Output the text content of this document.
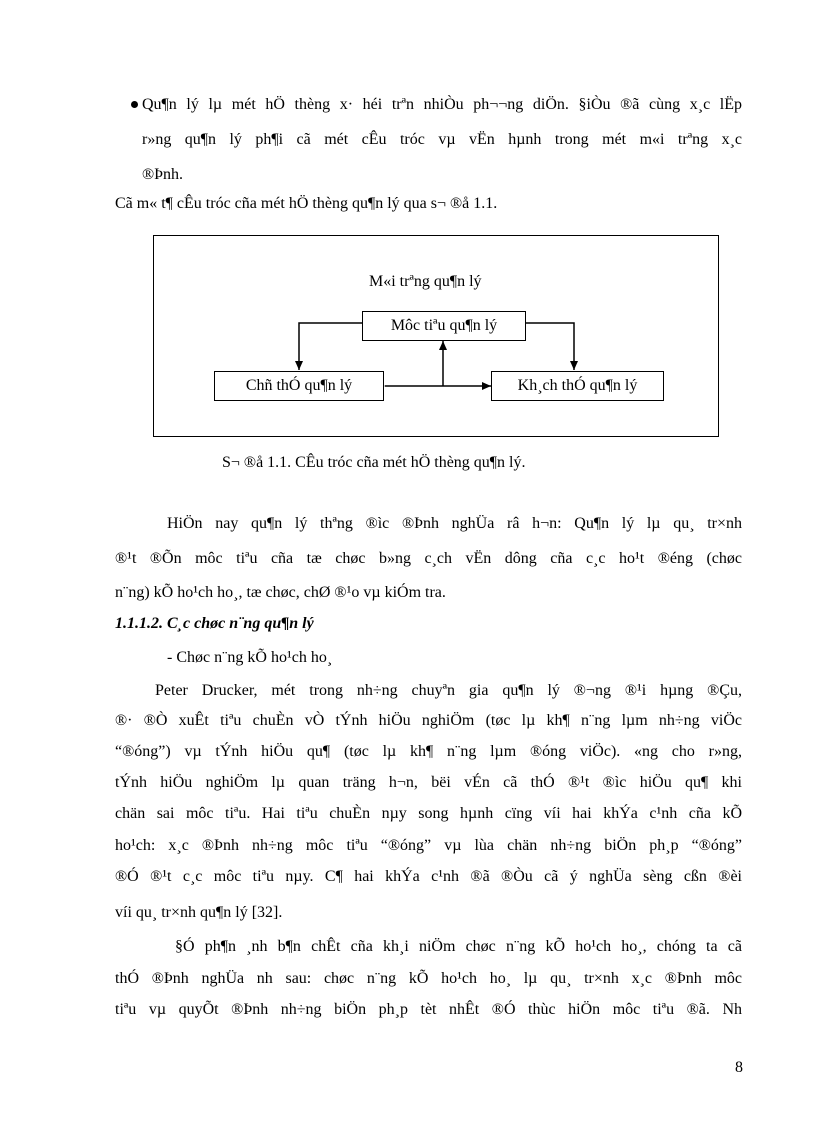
Qu¶n lý lµ mét hÖ thèng x· héi trªn nhiÒu ph¬¬ng diÖn. §iÒu ®ã cùng x¸c lËp
r»ng qu¶n lý ph¶i cã mét cÊu tróc vµ vËn hµnh trong mét m«i trªng x¸c
®Þnh.
Cã m« t¶ cÊu tróc cña mét hÖ thèng qu¶n lý qua s¬ ®å 1.1.
M«i trªng qu¶n lý
Môc tiªu qu¶n lý
Chñ thÓ qu¶n lý	Kh¸ch thÓ qu¶n lý
S¬ ®å 1.1. CÊu tróc cña mét hÖ thèng qu¶n lý.
HiÖn nay qu¶n lý thªng ®ìc ®Þnh nghÜa râ h¬n: Qu¶n lý lµ qu¸ tr×nh
®¹t ®Õn môc tiªu cña tæ chøc b»ng c¸ch vËn dông cña c¸c ho¹t ®éng (chøc
n¨ng) kÕ ho¹ch ho¸, tæ chøc, chØ ®¹o vµ kiÓm tra.
1.1.1.2. C¸c chøc n¨ng qu¶n lý
- Chøc n¨ng kÕ ho¹ch ho¸
Peter Drucker, mét trong nh÷ng chuyªn gia qu¶n lý ®¬ng ®¹i hµng ®Çu,
®· ®Ò xuÊt tiªu chuÈn vÒ tÝnh hiÖu nghiÖm (tøc lµ kh¶ n¨ng lµm nh÷ng viÖc
“®óng”) vµ tÝnh hiÖu qu¶ (tøc lµ kh¶ n¨ng lµm ®óng viÖc). «ng cho r»ng,
tÝnh hiÖu nghiÖm lµ quan träng h¬n, bëi vÉn cã thÓ ®¹t ®ìc hiÖu qu¶ khi
chän sai môc tiªu. Hai tiªu chuÈn nµy song hµnh cïng víi hai khÝa c¹nh cña kÕ
ho¹ch: x¸c ®Þnh nh÷ng môc tiªu “®óng” vµ lùa chän nh÷ng biÖn ph¸p “®óng”
®Ó ®¹t c¸c môc tiªu nµy. C¶ hai khÝa c¹nh ®ã ®Òu cã ý nghÜa sèng cßn ®èi
víi qu¸ tr×nh qu¶n lý [32].
§Ó ph¶n ¸nh b¶n chÊt cña kh¸i niÖm chøc n¨ng kÕ ho¹ch ho¸, chóng ta cã
thÓ ®Þnh nghÜa nh sau: chøc n¨ng kÕ ho¹ch ho¸ lµ qu¸ tr×nh x¸c ®Þnh môc
tiªu vµ quyÕt ®Þnh nh÷ng biÖn ph¸p tèt nhÊt ®Ó thùc hiÖn môc tiªu ®ã. Nh
8
